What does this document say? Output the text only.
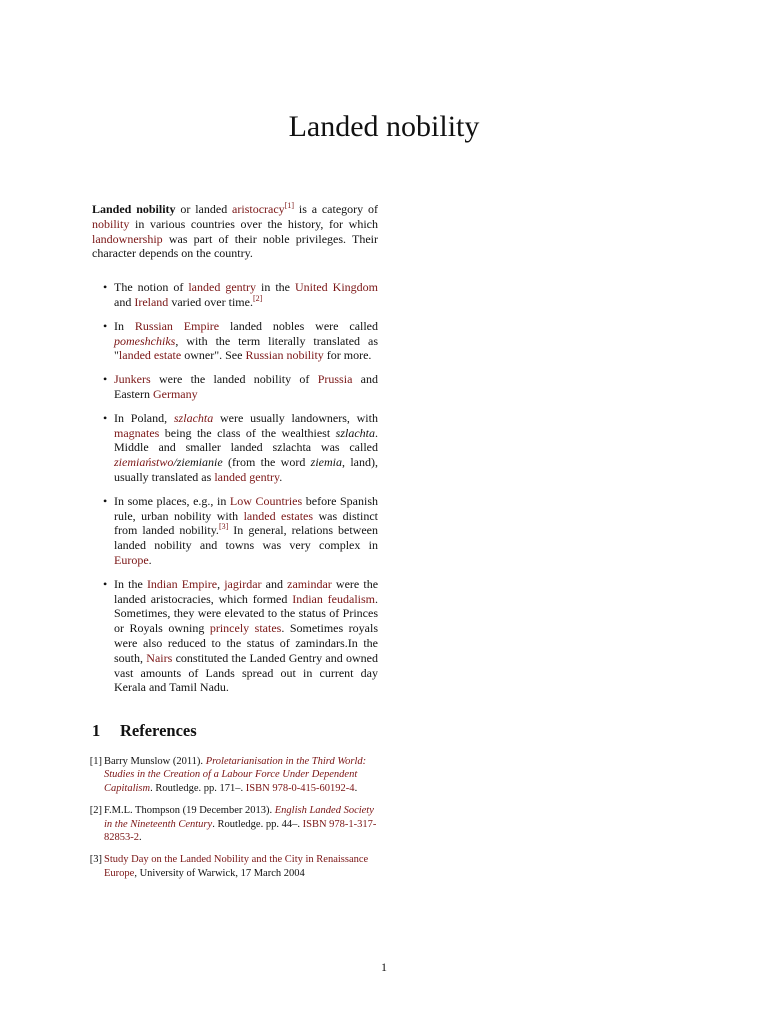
Landed nobility

Landed nobility or landed aristocracy[1] is a category of nobility in various countries over the history, for which landownership was part of their noble privileges. Their character depends on the country.

• The notion of landed gentry in the United Kingdom and Ireland varied over time.[2]
• In Russian Empire landed nobles were called pomeshchiks, with the term literally translated as "landed estate owner". See Russian nobility for more.
• Junkers were the landed nobility of Prussia and Eastern Germany
• In Poland, szlachta were usually landowners, with magnates being the class of the wealthiest szlachta. Middle and smaller landed szlachta was called ziemiaństwo/ziemianie (from the word ziemia, land), usually translated as landed gentry.
• In some places, e.g., in Low Countries before Spanish rule, urban nobility with landed estates was distinct from landed nobility.[3] In general, relations between landed nobility and towns was very complex in Europe.
• In the Indian Empire, jagirdar and zamindar were the landed aristocracies, which formed Indian feudalism. Sometimes, they were elevated to the status of Princes or Royals owning princely states. Sometimes royals were also reduced to the status of zamindars.In the south, Nairs constituted the Landed Gentry and owned vast amounts of Lands spread out in current day Kerala and Tamil Nadu.
1 References
[1] Barry Munslow (2011). Proletarianisation in the Third World: Studies in the Creation of a Labour Force Under Dependent Capitalism. Routledge. pp. 171–. ISBN 978-0-415-60192-4.
[2] F.M.L. Thompson (19 December 2013). English Landed Society in the Nineteenth Century. Routledge. pp. 44–. ISBN 978-1-317-82853-2.
[3] Study Day on the Landed Nobility and the City in Renaissance Europe, University of Warwick, 17 March 2004
1
